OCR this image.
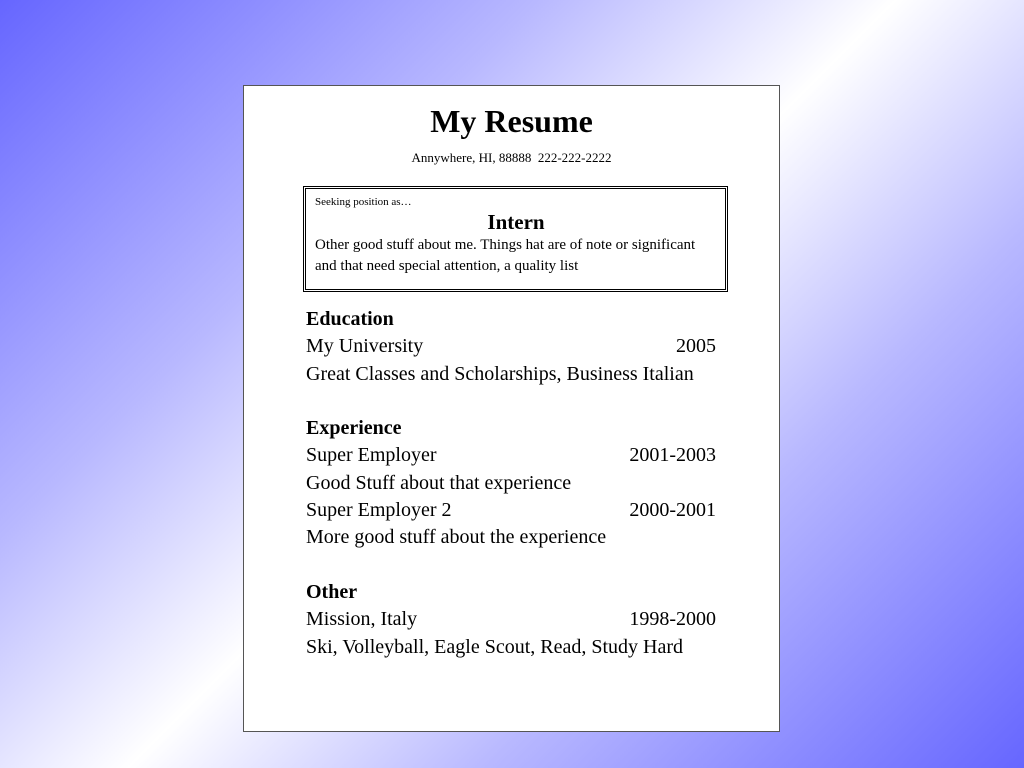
My Resume
Annywhere, HI, 88888  222-222-2222
Seeking position as…
Intern
Other good stuff about me. Things hat are of note or significant and that need special attention, a quality list
Education
My University	2005
Great Classes and Scholarships, Business Italian
Experience
Super Employer	2001-2003
Good Stuff about that experience
Super Employer 2	2000-2001
More good stuff about the experience
Other
Mission, Italy	1998-2000
Ski, Volleyball, Eagle Scout, Read, Study Hard
